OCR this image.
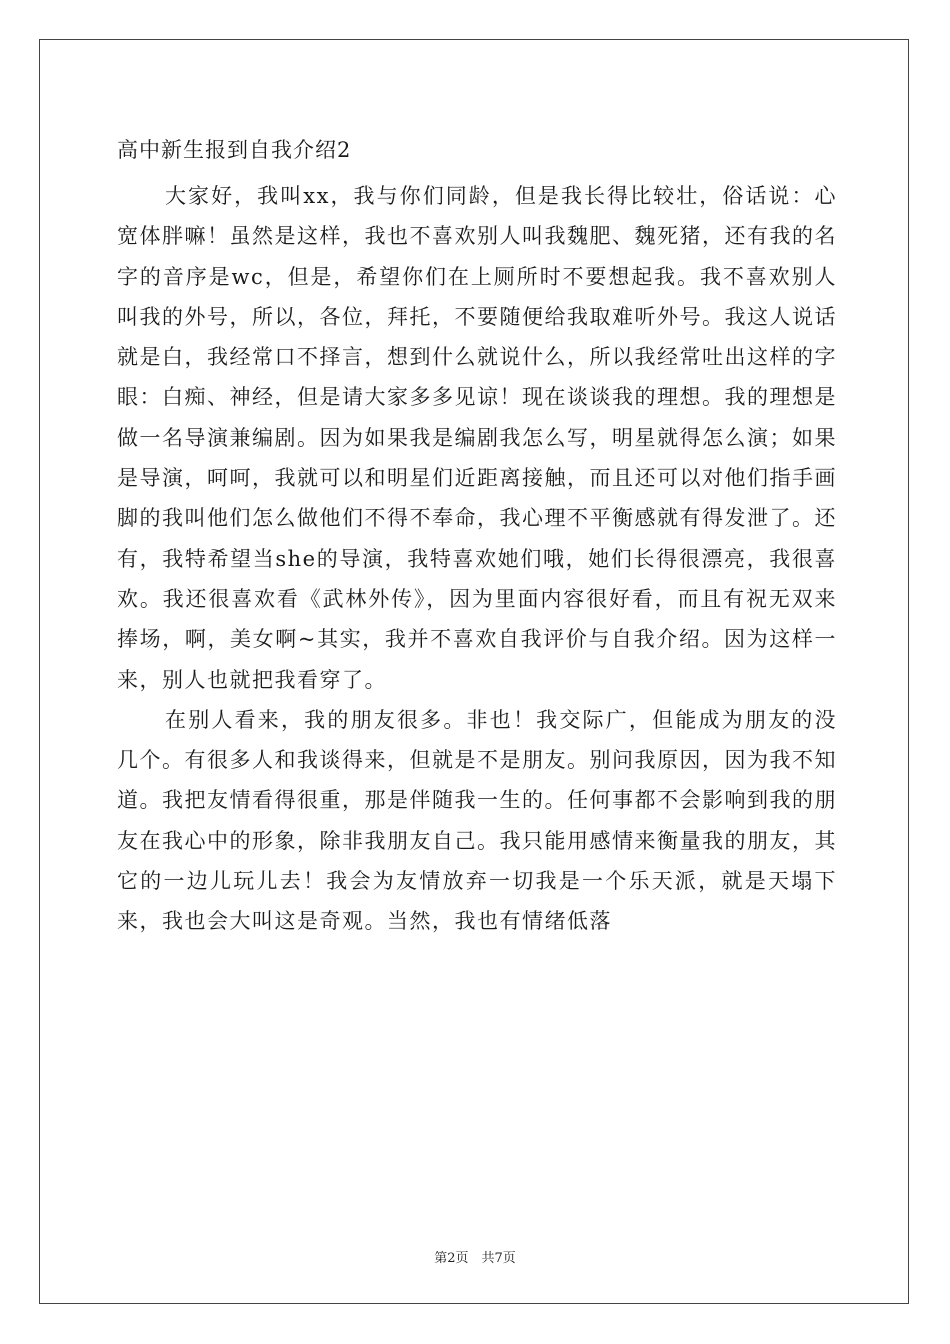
高中新生报到自我介绍2

大家好，我叫xx，我与你们同龄，但是我长得比较壮，俗话说：心宽体胖嘛！虽然是这样，我也不喜欢别人叫我魏肥、魏死猪，还有我的名字的音序是wc，但是，希望你们在上厕所时不要想起我。我不喜欢别人叫我的外号，所以，各位，拜托，不要随便给我取难听外号。我这人说话就是白，我经常口不择言，想到什么就说什么，所以我经常吐出这样的字眼：白痴、神经，但是请大家多多见谅！现在谈谈我的理想。我的理想是做一名导演兼编剧。因为如果我是编剧我怎么写，明星就得怎么演；如果是导演，呵呵，我就可以和明星们近距离接触，而且还可以对他们指手画脚的我叫他们怎么做他们不得不奉命，我心理不平衡感就有得发泄了。还有，我特希望当she的导演，我特喜欢她们哦，她们长得很漂亮，我很喜欢。我还很喜欢看《武林外传》，因为里面内容很好看，而且有祝无双来捧场，啊，美女啊~其实，我并不喜欢自我评价与自我介绍。因为这样一来，别人也就把我看穿了。

在别人看来，我的朋友很多。非也！我交际广，但能成为朋友的没几个。有很多人和我谈得来，但就是不是朋友。别问我原因，因为我不知道。我把友情看得很重，那是伴随我一生的。任何事都不会影响到我的朋友在我心中的形象，除非我朋友自己。我只能用感情来衡量我的朋友，其它的一边儿玩儿去！我会为友情放弃一切我是一个乐天派，就是天塌下来，我也会大叫这是奇观。当然，我也有情绪低落

第2页　共7页
